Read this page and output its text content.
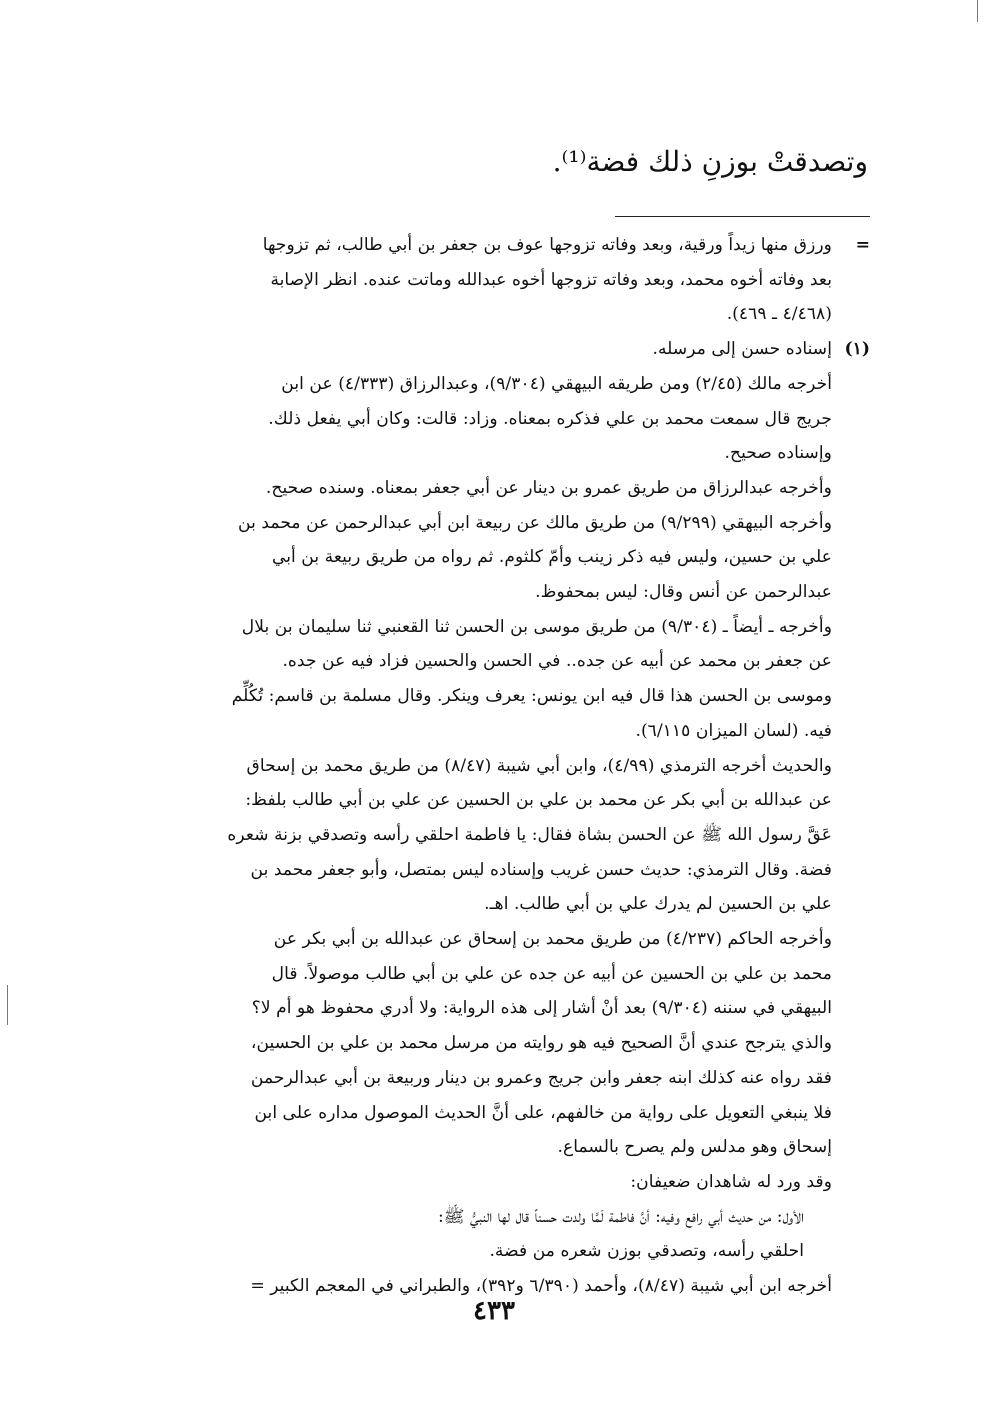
وتصدقتْ بوزنِ ذلك فضة⁽¹⁾.
=
ورزق منها زيداً ورقية، وبعد وفاته تزوجها عوف بن جعفر بن أبي طالب، ثم تزوجها
بعد وفاته أخوه محمد، وبعد وفاته تزوجها أخوه عبدالله وماتت عنده. انظر الإصابة
(٤/٤٦٨ ـ ٤٦٩).
(١)
إسناده حسن إلى مرسله.
أخرجه مالك (٢/٤٥) ومن طريقه البيهقي (٩/٣٠٤)، وعبدالرزاق (٤/٣٣٣) عن ابن
جريج قال سمعت محمد بن علي فذكره بمعناه. وزاد: قالت: وكان أبي يفعل ذلك.
وإسناده صحيح.
وأخرجه عبدالرزاق من طريق عمرو بن دينار عن أبي جعفر بمعناه. وسنده صحيح.
وأخرجه البيهقي (٩/٢٩٩) من طريق مالك عن ربيعة ابن أبي عبدالرحمن عن محمد بن
علي بن حسين، وليس فيه ذكر زينب وأمّ كلثوم. ثم رواه من طريق ربيعة بن أبي
عبدالرحمن عن أنس وقال: ليس بمحفوظ.
وأخرجه ـ أيضاً ـ (٩/٣٠٤) من طريق موسى بن الحسن ثنا القعنبي ثنا سليمان بن بلال
عن جعفر بن محمد عن أبيه عن جده.. في الحسن والحسين فزاد فيه عن جده.
وموسى بن الحسن هذا قال فيه ابن يونس: يعرف وينكر. وقال مسلمة بن قاسم: تُكُلِّم
فيه. (لسان الميزان ٦/١١٥).
والحديث أخرجه الترمذي (٤/٩٩)، وابن أبي شيبة (٨/٤٧) من طريق محمد بن إسحاق
عن عبدالله بن أبي بكر عن محمد بن علي بن الحسين عن علي بن أبي طالب بلفظ:
عَقَّ رسول الله ﷺ عن الحسن بشاة فقال: يا فاطمة احلقي رأسه وتصدقي بزنة شعره
فضة. وقال الترمذي: حديث حسن غريب وإسناده ليس بمتصل، وأبو جعفر محمد بن
علي بن الحسين لم يدرك علي بن أبي طالب. اهـ.
وأخرجه الحاكم (٤/٢٣٧) من طريق محمد بن إسحاق عن عبدالله بن أبي بكر عن
محمد بن علي بن الحسين عن أبيه عن جده عن علي بن أبي طالب موصولاً. قال
البيهقي في سننه (٩/٣٠٤) بعد أنْ أشار إلى هذه الرواية: ولا أدري محفوظ هو أم لا؟
والذي يترجح عندي أنَّ الصحيح فيه هو روايته من مرسل محمد بن علي بن الحسين،
فقد رواه عنه كذلك ابنه جعفر وابن جريج وعمرو بن دينار وربيعة بن أبي عبدالرحمن
فلا ينبغي التعويل على رواية من خالفهم، على أنَّ الحديث الموصول مداره على ابن
إسحاق وهو مدلس ولم يصرح بالسماع.
وقد ورد له شاهدان ضعيفان:
الأول: من حديث أبي رافع وفيه: أنَّ فاطمة لَمَّا ولدت حسناً قال لها النبيُّ ﷺ:
احلقي رأسه، وتصدقي بوزن شعره من فضة.
أخرجه ابن أبي شيبة (٨/٤٧)، وأحمد (٦/٣٩٠ و٣٩٢)، والطبراني في المعجم الكبير =
٤٣٣
